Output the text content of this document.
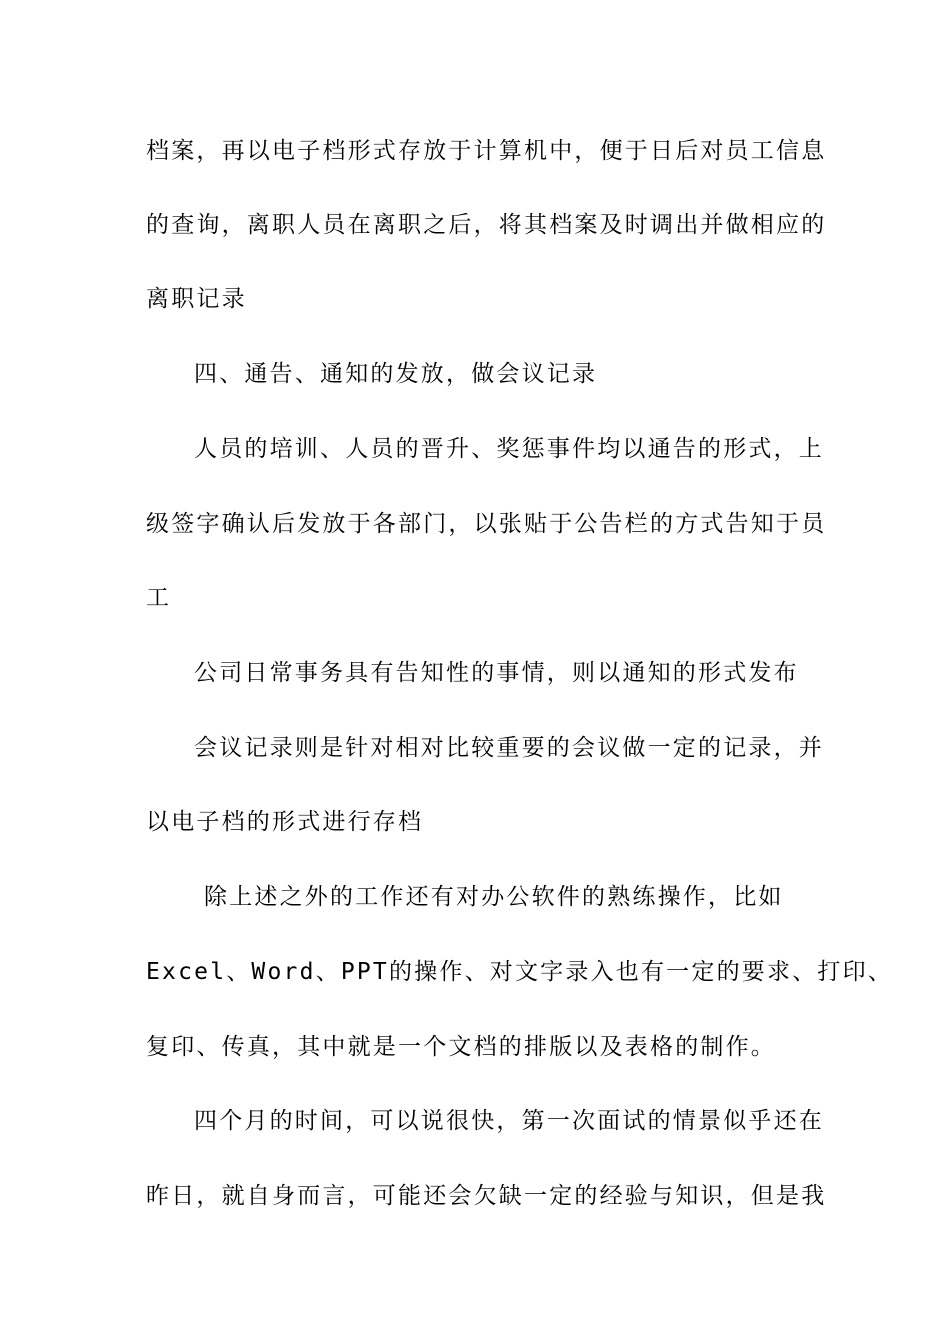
档案，再以电子档形式存放于计算机中，便于日后对员工信息
的查询，离职人员在离职之后，将其档案及时调出并做相应的
离职记录
四、通告、通知的发放，做会议记录
人员的培训、人员的晋升、奖惩事件均以通告的形式，上
级签字确认后发放于各部门，以张贴于公告栏的方式告知于员
工
公司日常事务具有告知性的事情，则以通知的形式发布
会议记录则是针对相对比较重要的会议做一定的记录，并
以电子档的形式进行存档
除上述之外的工作还有对办公软件的熟练操作，比如
Excel、Word、PPT的操作、对文字录入也有一定的要求、打印、
复印、传真，其中就是一个文档的排版以及表格的制作。
四个月的时间，可以说很快，第一次面试的情景似乎还在
昨日，就自身而言，可能还会欠缺一定的经验与知识，但是我
